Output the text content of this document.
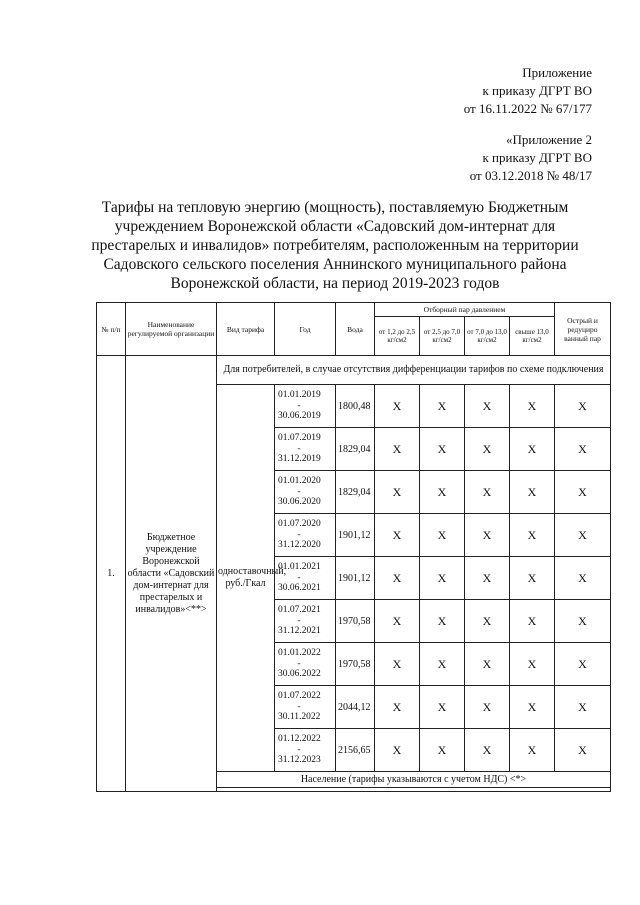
Приложение
к приказу ДГРТ ВО
от 16.11.2022 № 67/177
«Приложение 2
к приказу ДГРТ ВО
от 03.12.2018 № 48/17
Тарифы на тепловую энергию (мощность), поставляемую Бюджетным учреждением Воронежской области «Садовский дом-интернат для престарелых и инвалидов» потребителям, расположенным на территории Садовского сельского поселения Аннинского муниципального района Воронежской области, на период 2019-2023 годов
№ п/п	Наименование регулируемой организации	Вид тарифа	Год	Вода	Отборный пар давлением				Острый и редуциро ванный пар
					от 1,2 до 2,5 кг/см2	от 2,5 до 7,0 кг/см2	от 7,0 до 13,0 кг/см2	свыше 13,0 кг/см2	
1.	Бюджетное учреждение Воронежской области «Садовский дом-интернат для престарелых и инвалидов»<**>	Для потребителей, в случае отсутствия дифференциации тарифов по схеме подключения							
		одноставочный, руб./Гкал	01.01.2019
-
30.06.2019	1800,48	X	X	X	X	X
			01.07.2019
-
31.12.2019	1829,04	X	X	X	X	X
			01.01.2020
-
30.06.2020	1829,04	X	X	X	X	X
			01.07.2020
-
31.12.2020	1901,12	X	X	X	X	X
			01.01.2021
-
30.06.2021	1901,12	X	X	X	X	X
			01.07.2021
-
31.12.2021	1970,58	X	X	X	X	X
			01.01.2022
-
30.06.2022	1970,58	X	X	X	X	X
			01.07.2022
-
30.11.2022	2044,12	X	X	X	X	X
			01.12.2022
-
31.12.2023	2156,65	X	X	X	X	X
		Население (тарифы указываются с учетом НДС) <*>							
